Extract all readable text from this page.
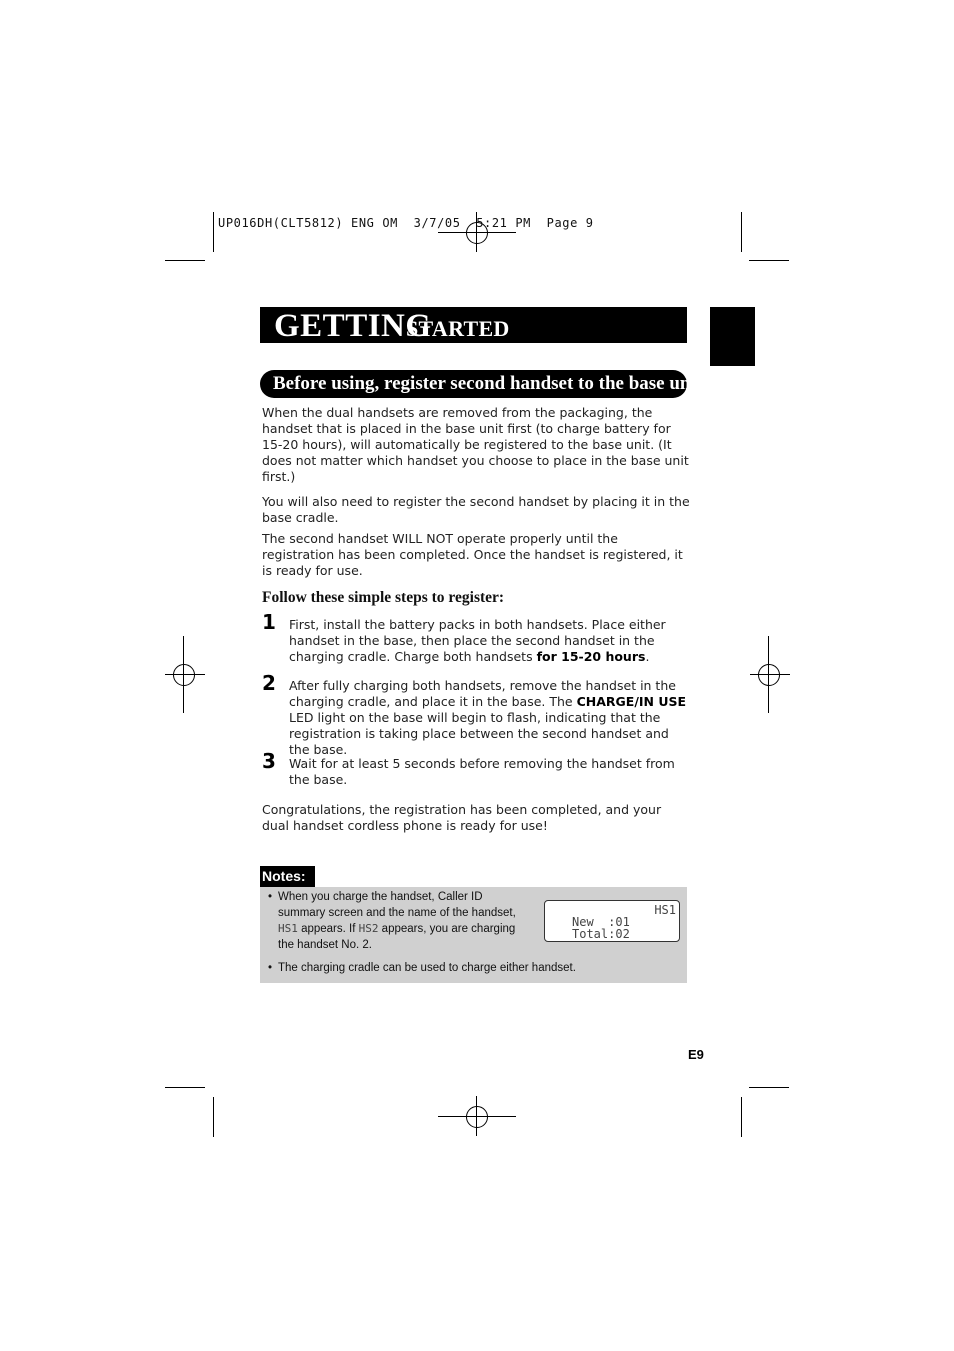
UP016DH(CLT5812) ENG OM  3/7/05  5:21 PM  Page 9
GETTING
STARTED
Before using, register second handset to the base unit
When the dual handsets are removed from the packaging, the handset that is placed in the base unit first (to charge battery for 15-20 hours), will automatically be registered to the base unit. (It does not matter which handset you choose to place in the base unit first.)
You will also need to register the second handset by placing it in the base cradle.
The second handset WILL NOT operate properly until the registration has been completed. Once the handset is registered, it is ready for use.
Follow these simple steps to register:
1 First, install the battery packs in both handsets. Place either handset in the base, then place the second handset in the charging cradle. Charge both handsets for 15-20 hours.
2 After fully charging both handsets, remove the handset in the charging cradle, and place it in the base. The CHARGE/IN USE LED light on the base will begin to flash, indicating that the registration is taking place between the second handset and the base.
3 Wait for at least 5 seconds before removing the handset from the base.
Congratulations, the registration has been completed, and your dual handset cordless phone is ready for use!
Notes:
• When you charge the handset, Caller ID
summary screen and the name of the handset,
HS1 appears. If HS2 appears, you are charging
the handset No. 2.
HS1
New  :01
Total:02
• The charging cradle can be used to charge either handset.
E9
